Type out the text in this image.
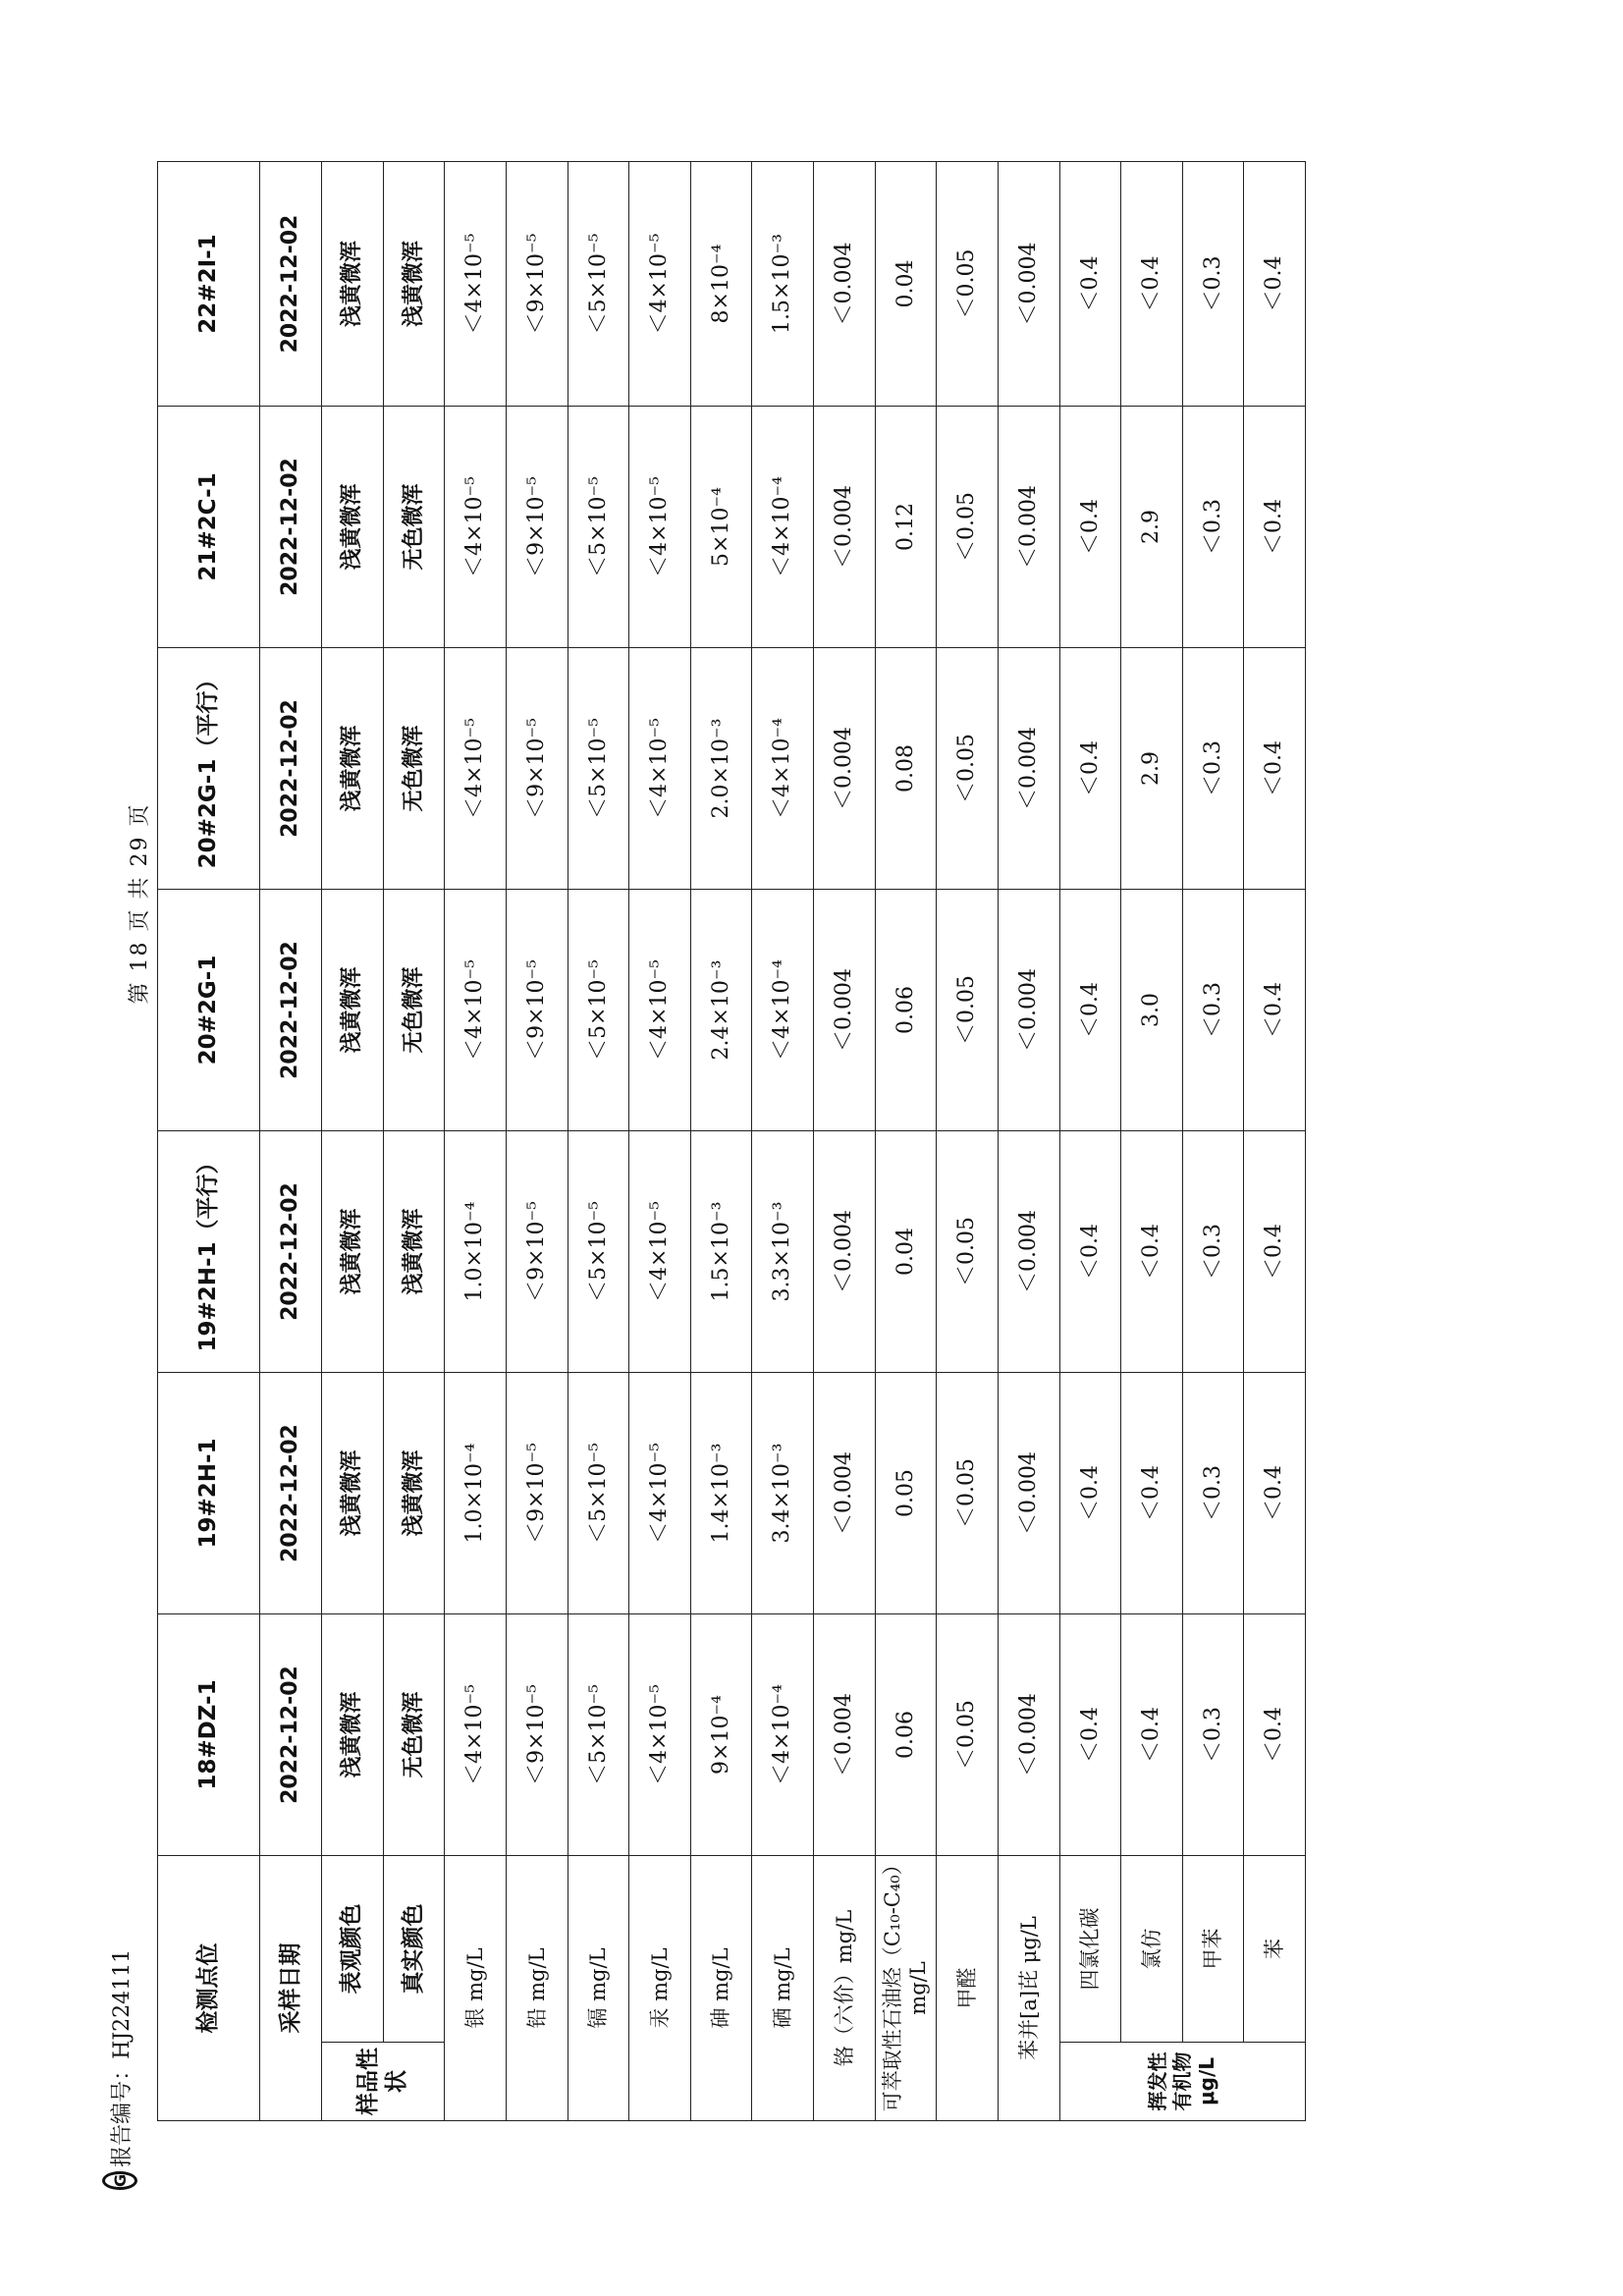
G
报告编号：HJ224111
第 18 页 共 29 页
检测点位		18#DZ-1	19#2H-1	19#2H-1（平行）	20#2G-1	20#2G-1（平行）	21#2C-1	22#2I-1
采样日期		2022-12-02	2022-12-02	2022-12-02	2022-12-02	2022-12-02	2022-12-02	2022-12-02
样品性状	表观颜色	浅黄微浑	浅黄微浑	浅黄微浑	浅黄微浑	浅黄微浑	浅黄微浑	浅黄微浑
	真实颜色	无色微浑	浅黄微浑	浅黄微浑	无色微浑	无色微浑	无色微浑	浅黄微浑
银 mg/L		＜4×10⁻⁵	1.0×10⁻⁴	1.0×10⁻⁴	＜4×10⁻⁵	＜4×10⁻⁵	＜4×10⁻⁵	＜4×10⁻⁵
铅 mg/L		＜9×10⁻⁵	＜9×10⁻⁵	＜9×10⁻⁵	＜9×10⁻⁵	＜9×10⁻⁵	＜9×10⁻⁵	＜9×10⁻⁵
镉 mg/L		＜5×10⁻⁵	＜5×10⁻⁵	＜5×10⁻⁵	＜5×10⁻⁵	＜5×10⁻⁵	＜5×10⁻⁵	＜5×10⁻⁵
汞 mg/L		＜4×10⁻⁵	＜4×10⁻⁵	＜4×10⁻⁵	＜4×10⁻⁵	＜4×10⁻⁵	＜4×10⁻⁵	＜4×10⁻⁵
砷 mg/L		9×10⁻⁴	1.4×10⁻³	1.5×10⁻³	2.4×10⁻³	2.0×10⁻³	5×10⁻⁴	8×10⁻⁴
硒 mg/L		＜4×10⁻⁴	3.4×10⁻³	3.3×10⁻³	＜4×10⁻⁴	＜4×10⁻⁴	＜4×10⁻⁴	1.5×10⁻³
铬（六价）mg/L		＜0.004	＜0.004	＜0.004	＜0.004	＜0.004	＜0.004	＜0.004
可萃取性石油烃（C₁₀-C₄₀）mg/L		0.06	0.05	0.04	0.06	0.08	0.12	0.04
甲醛		＜0.05	＜0.05	＜0.05	＜0.05	＜0.05	＜0.05	＜0.05
苯并[a]芘 μg/L		＜0.004	＜0.004	＜0.004	＜0.004	＜0.004	＜0.004	＜0.004
挥发性有机物μg/L	四氯化碳	＜0.4	＜0.4	＜0.4	＜0.4	＜0.4	＜0.4	＜0.4
	氯仿	＜0.4	＜0.4	＜0.4	3.0	2.9	2.9	＜0.4
	甲苯	＜0.3	＜0.3	＜0.3	＜0.3	＜0.3	＜0.3	＜0.3
	苯	＜0.4	＜0.4	＜0.4	＜0.4	＜0.4	＜0.4	＜0.4
